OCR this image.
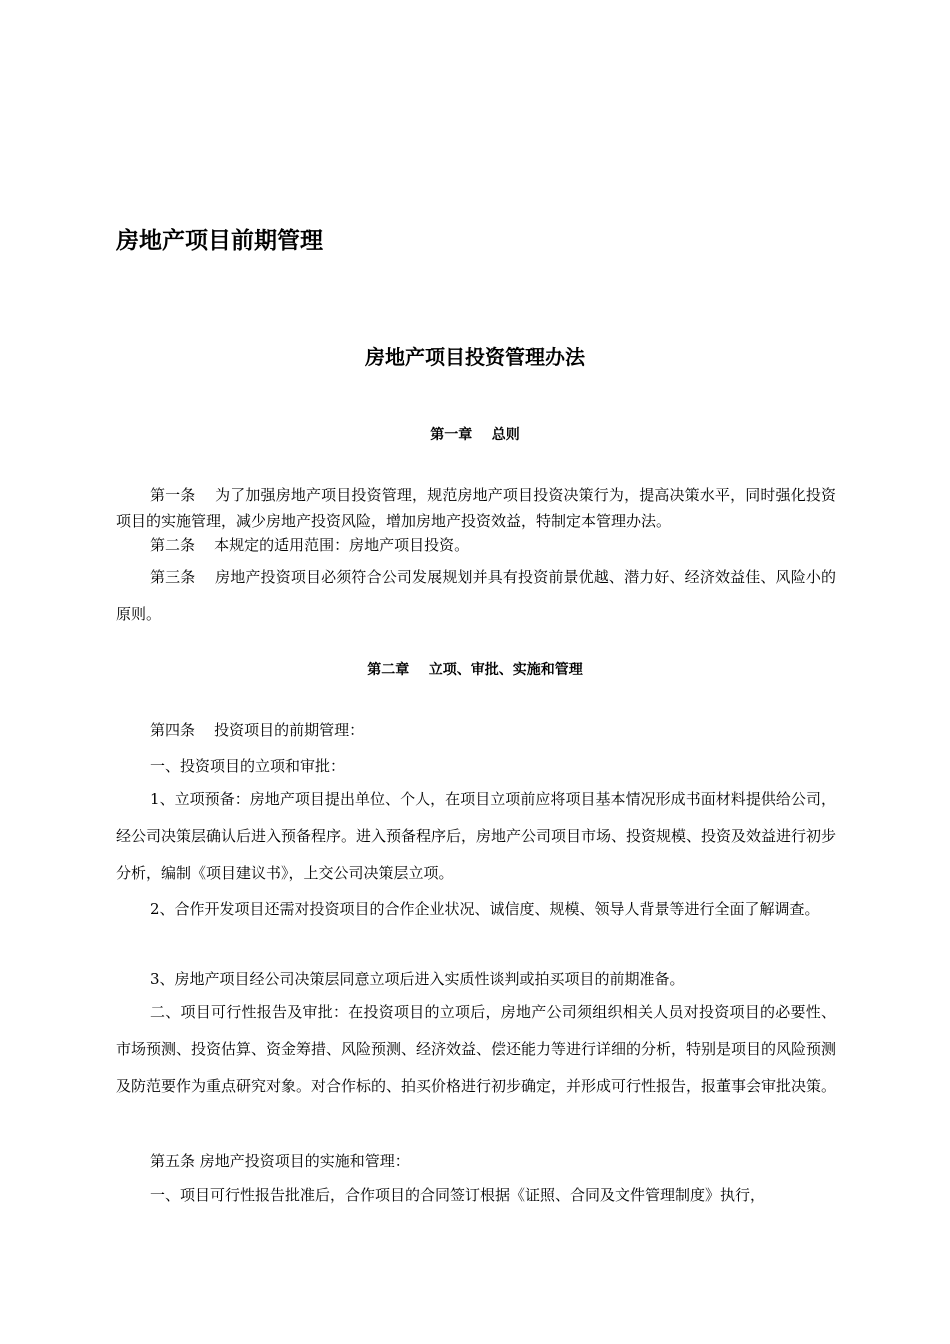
房地产项目前期管理
房地产项目投资管理办法
第一章    总则

第一条    为了加强房地产项目投资管理，规范房地产项目投资决策行为，提高决策水平，同时强化投资项目的实施管理，减少房地产投资风险，增加房地产投资效益，特制定本管理办法。

第二条    本规定的适用范围：房地产项目投资。

第三条    房地产投资项目必须符合公司发展规划并具有投资前景优越、潜力好、经济效益佳、风险小的原则。

第二章    立项、审批、实施和管理

第四条    投资项目的前期管理：

一、投资项目的立项和审批：

1、立项预备：房地产项目提出单位、个人，在项目立项前应将项目基本情况形成书面材料提供给公司，经公司决策层确认后进入预备程序。进入预备程序后，房地产公司项目市场、投资规模、投资及效益进行初步分析，编制《项目建议书》，上交公司决策层立项。

2、合作开发项目还需对投资项目的合作企业状况、诚信度、规模、领导人背景等进行全面了解调查。

3、房地产项目经公司决策层同意立项后进入实质性谈判或拍买项目的前期准备。

二、项目可行性报告及审批：在投资项目的立项后，房地产公司须组织相关人员对投资项目的必要性、市场预测、投资估算、资金筹措、风险预测、经济效益、偿还能力等进行详细的分析，特别是项目的风险预测及防范要作为重点研究对象。对合作标的、拍买价格进行初步确定，并形成可行性报告，报董事会审批决策。

第五条 房地产投资项目的实施和管理：

一、项目可行性报告批准后，合作项目的合同签订根据《证照、合同及文件管理制度》执行，
